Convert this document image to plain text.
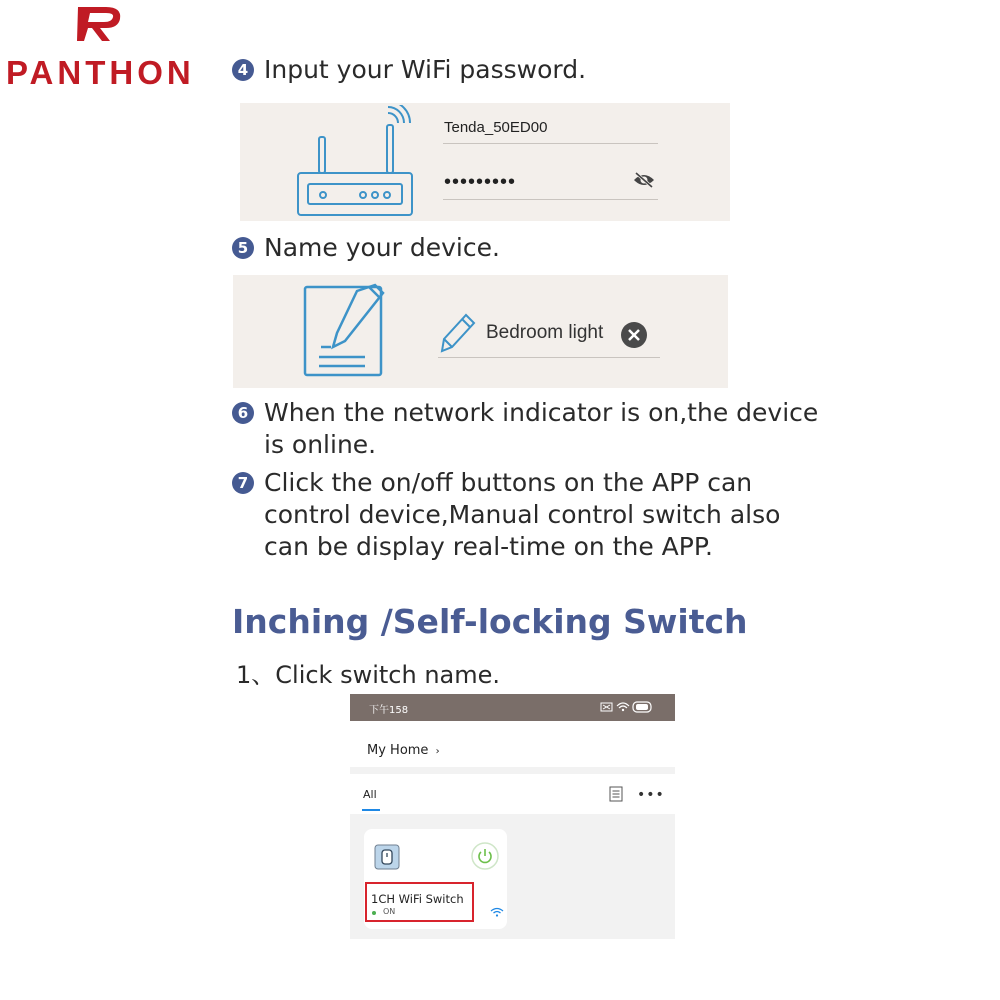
PANTHON	4 Input your WiFi password.
Tenda_50ED00
•••••••••
5 Name your device.
Bedroom light
6 When the network indicator is on,the device
is online.
7 Click the on/off buttons on the APP can
control device,Manual control switch also
can be display real-time on the APP.
Inching /Self-locking Switch
1、Click switch name.
下午158
My Home ›
All	•••
1CH WiFi Switch
ON
